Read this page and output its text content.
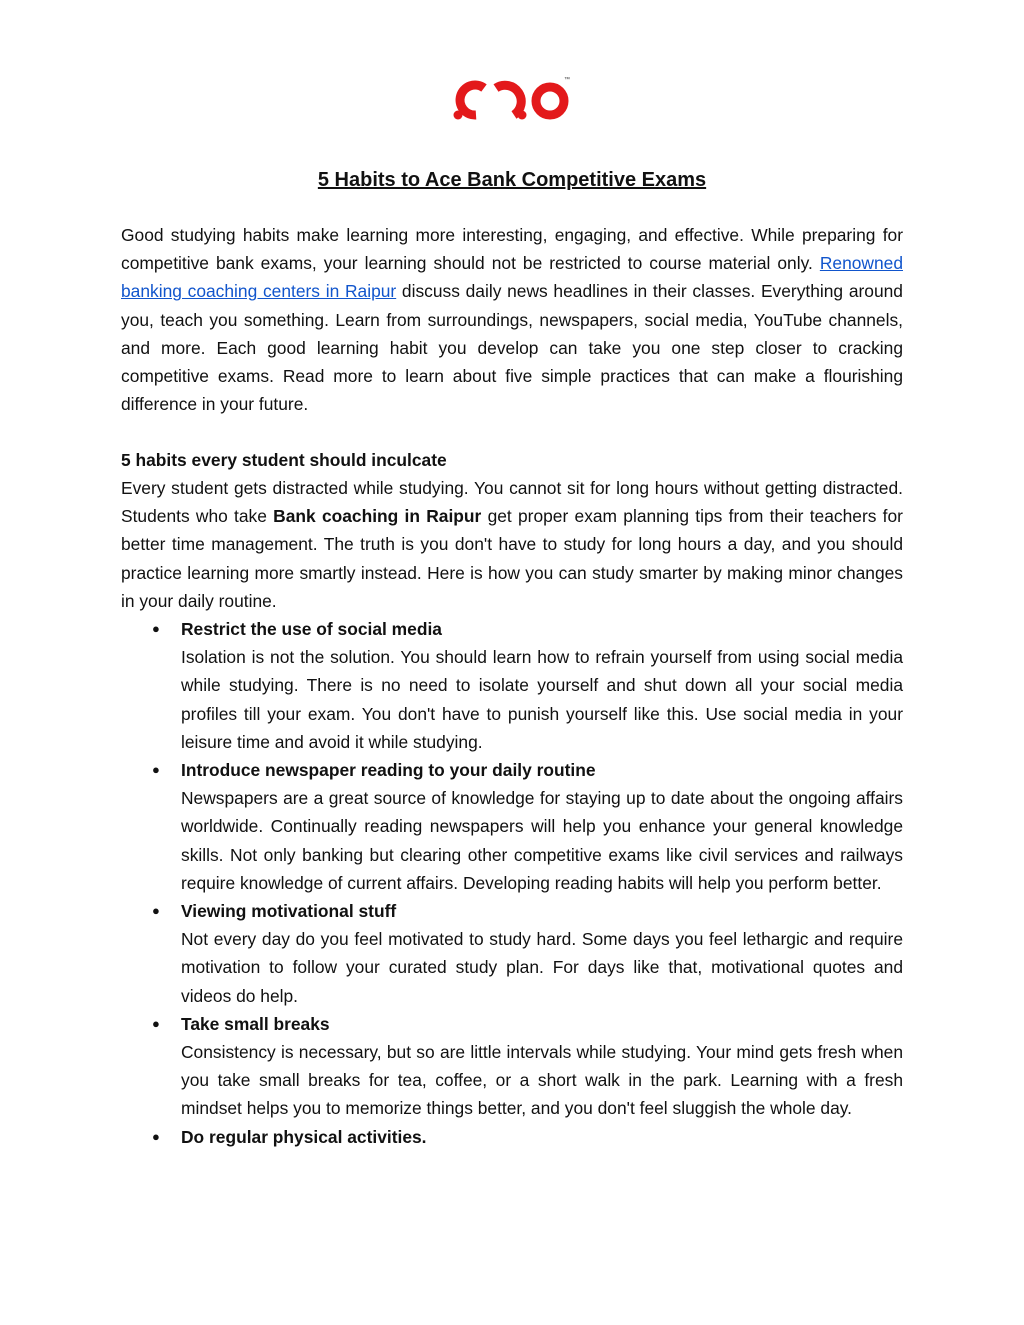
™
5 Habits to Ace Bank Competitive Exams

Good studying habits make learning more interesting, engaging, and effective. While preparing for competitive bank exams, your learning should not be restricted to course material only. Renowned banking coaching centers in Raipur discuss daily news headlines in their classes. Everything around you, teach you something. Learn from surroundings, newspapers, social media, YouTube channels, and more. Each good learning habit you develop can take you one step closer to cracking competitive exams. Read more to learn about five simple practices that can make a flourishing difference in your future.

5 habits every student should inculcate

Every student gets distracted while studying. You cannot sit for long hours without getting distracted. Students who take Bank coaching in Raipur get proper exam planning tips from their teachers for better time management. The truth is you don't have to study for long hours a day, and you should practice learning more smartly instead. Here is how you can study smarter by making minor changes in your daily routine.

● Restrict the use of social media
Isolation is not the solution. You should learn how to refrain yourself from using social media while studying. There is no need to isolate yourself and shut down all your social media profiles till your exam. You don't have to punish yourself like this. Use social media in your leisure time and avoid it while studying.
● Introduce newspaper reading to your daily routine
Newspapers are a great source of knowledge for staying up to date about the ongoing affairs worldwide. Continually reading newspapers will help you enhance your general knowledge skills. Not only banking but clearing other competitive exams like civil services and railways require knowledge of current affairs. Developing reading habits will help you perform better.
● Viewing motivational stuff
Not every day do you feel motivated to study hard. Some days you feel lethargic and require motivation to follow your curated study plan. For days like that, motivational quotes and videos do help.
● Take small breaks
Consistency is necessary, but so are little intervals while studying. Your mind gets fresh when you take small breaks for tea, coffee, or a short walk in the park. Learning with a fresh mindset helps you to memorize things better, and you don't feel sluggish the whole day.
● Do regular physical activities.
